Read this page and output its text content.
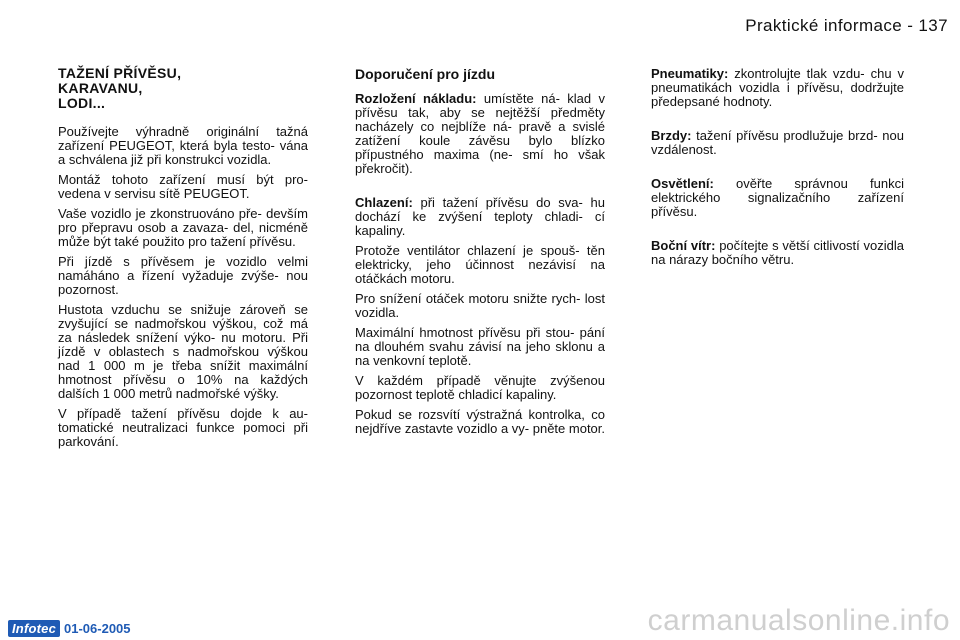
Praktické informace - 137
TAŽENÍ PŘÍVĚSU,
KARAVANU,
LODI...

Používejte výhradně originální tažná zařízení PEUGEOT, která byla testo- vána a schválena již při konstrukci vozidla.

Montáž tohoto zařízení musí být pro- vedena v servisu sítě PEUGEOT.

Vaše vozidlo je zkonstruováno pře- devším pro přepravu osob a zavaza- del, nicméně může být také použito pro tažení přívěsu.

Při jízdě s přívěsem je vozidlo velmi namáháno a řízení vyžaduje zvýše- nou pozornost.

Hustota vzduchu se snižuje zároveň se zvyšující se nadmořskou výškou, což má za následek snížení výko- nu motoru. Při jízdě v oblastech s nadmořskou výškou nad 1 000 m je třeba snížit maximální hmotnost přívěsu o 10% na každých dalších 1 000 metrů nadmořské výšky.

V případě tažení přívěsu dojde k au- tomatické neutralizaci funkce pomoci při parkování.

Doporučení pro jízdu

Rozložení nákladu: umístěte ná- klad v přívěsu tak, aby se nejtěžší předměty nacházely co nejblíže ná- pravě a svislé zatížení koule závěsu bylo blízko přípustného maxima (ne- smí ho však překročit).

Chlazení: při tažení přívěsu do sva- hu dochází ke zvýšení teploty chladi- cí kapaliny.

Protože ventilátor chlazení je spouš- těn elektricky, jeho účinnost nezávisí na otáčkách motoru.

Pro snížení otáček motoru snižte rych- lost vozidla.

Maximální hmotnost přívěsu při stou- pání na dlouhém svahu závisí na jeho sklonu a na venkovní teplotě.

V každém případě věnujte zvýšenou pozornost teplotě chladicí kapaliny.

Pokud se rozsvítí výstražná kontrolka, co nejdříve zastavte vozidlo a vy- pněte motor.

Pneumatiky: zkontrolujte tlak vzdu- chu v pneumatikách vozidla i přívěsu, dodržujte předepsané hodnoty.

Brzdy: tažení přívěsu prodlužuje brzd- nou vzdálenost.

Osvětlení: ověřte správnou funkci elektrického signalizačního zařízení přívěsu.

Boční vítr: počítejte s větší citlivostí vozidla na nárazy bočního větru.

Infotec 01-06-2005	carmanualsonline.info
